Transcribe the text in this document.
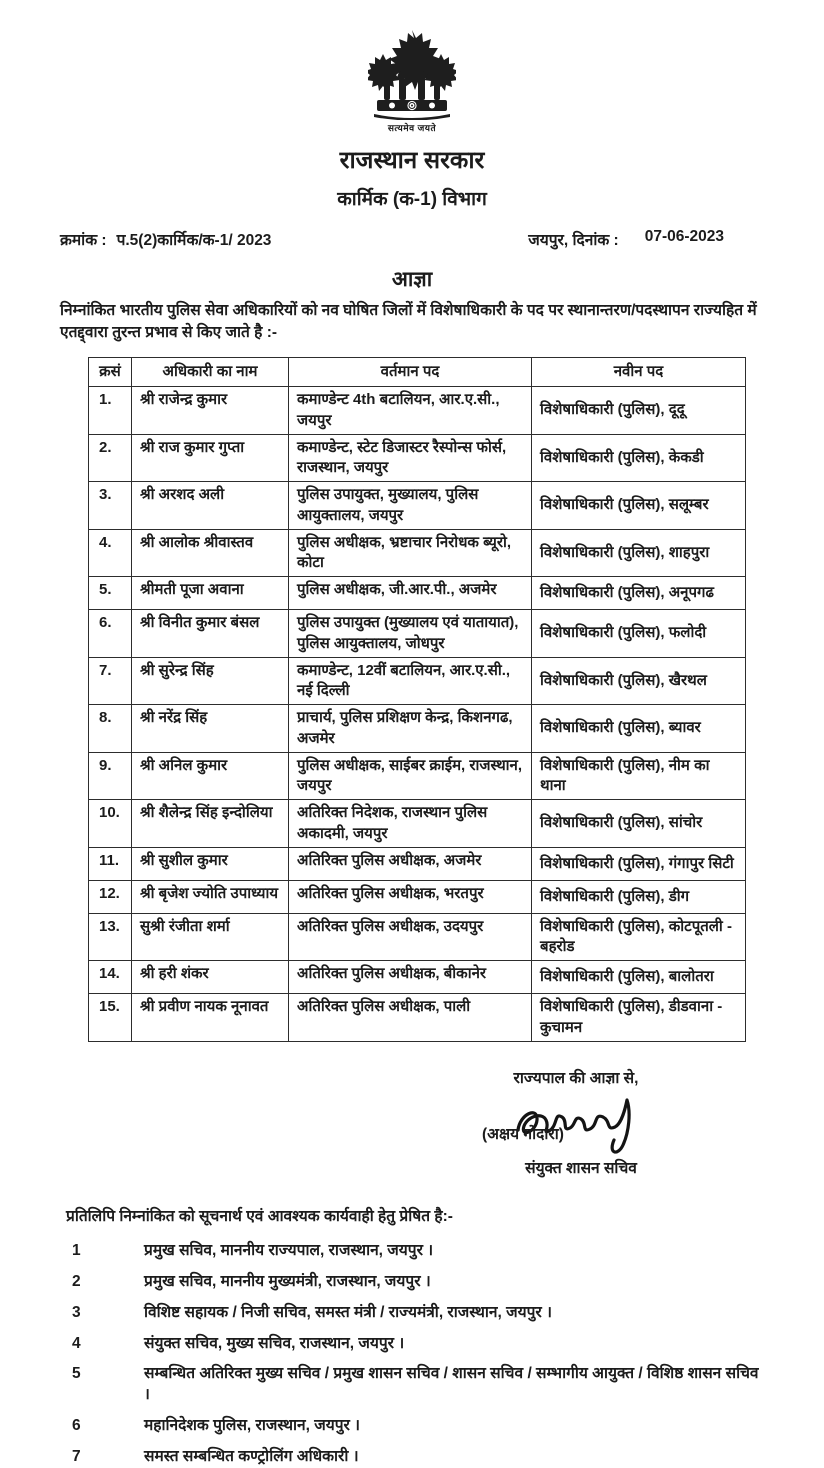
सत्यमेव जयते
राजस्थान सरकार
कार्मिक (क-1) विभाग
क्रमांक : प.5(2)कार्मिक/क-1/ 2023	जयपुर, दिनांक : 07-06-2023
आज्ञा

निम्नांकित भारतीय पुलिस सेवा अधिकारियों को नव घोषित जिलों में विशेषाधिकारी के पद पर स्थानान्तरण/पदस्थापन राज्यहित में एतद्द्वारा तुरन्त प्रभाव से किए जाते है :-

क्रसं	अधिकारी का नाम	वर्तमान पद	नवीन पद
1.	श्री राजेन्द्र कुमार	कमाण्डेन्ट 4th बटालियन, आर.ए.सी., जयपुर	विशेषाधिकारी (पुलिस), दूदू
2.	श्री राज कुमार गुप्ता	कमाण्डेन्ट, स्टेट डिजास्टर रैस्पोन्स फोर्स, राजस्थान, जयपुर	विशेषाधिकारी (पुलिस), केकडी
3.	श्री अरशद अली	पुलिस उपायुक्त, मुख्यालय, पुलिस आयुक्तालय, जयपुर	विशेषाधिकारी (पुलिस), सलूम्बर
4.	श्री आलोक श्रीवास्तव	पुलिस अधीक्षक, भ्रष्टाचार निरोधक ब्यूरो, कोटा	विशेषाधिकारी (पुलिस), शाहपुरा
5.	श्रीमती पूजा अवाना	पुलिस अधीक्षक, जी.आर.पी., अजमेर	विशेषाधिकारी (पुलिस), अनूपगढ
6.	श्री विनीत कुमार बंसल	पुलिस उपायुक्त (मुख्यालय एवं यातायात), पुलिस आयुक्तालय, जोधपुर	विशेषाधिकारी (पुलिस), फलोदी
7.	श्री सुरेन्द्र सिंह	कमाण्डेन्ट, 12वीं बटालियन, आर.ए.सी., नई दिल्ली	विशेषाधिकारी (पुलिस), खैरथल
8.	श्री नरेंद्र सिंह	प्राचार्य, पुलिस प्रशिक्षण केन्द्र, किशनगढ, अजमेर	विशेषाधिकारी (पुलिस), ब्यावर
9.	श्री अनिल कुमार	पुलिस अधीक्षक, साईबर क्राईम, राजस्थान, जयपुर	विशेषाधिकारी (पुलिस), नीम का थाना
10.	श्री शैलेन्द्र सिंह इन्दोलिया	अतिरिक्त निदेशक, राजस्थान पुलिस अकादमी, जयपुर	विशेषाधिकारी (पुलिस), सांचोर
11.	श्री सुशील कुमार	अतिरिक्त पुलिस अधीक्षक, अजमेर	विशेषाधिकारी (पुलिस), गंगापुर सिटी
12.	श्री बृजेश ज्योति उपाध्याय	अतिरिक्त पुलिस अधीक्षक, भरतपुर	विशेषाधिकारी (पुलिस), डीग
13.	सुश्री रंजीता शर्मा	अतिरिक्त पुलिस अधीक्षक, उदयपुर	विशेषाधिकारी (पुलिस), कोटपूतली - बहरोड
14.	श्री हरी शंकर	अतिरिक्त पुलिस अधीक्षक, बीकानेर	विशेषाधिकारी (पुलिस), बालोतरा
15.	श्री प्रवीण नायक नूनावत	अतिरिक्त पुलिस अधीक्षक, पाली	विशेषाधिकारी (पुलिस), डीडवाना - कुचामन
राज्यपाल की आज्ञा से,
(अक्षय गोदारा)
संयुक्त शासन सचिव
प्रतिलिपि निम्नांकित को सूचनार्थ एवं आवश्यक कार्यवाही हेतु प्रेषित है:-
1	प्रमुख सचिव, माननीय राज्यपाल, राजस्थान, जयपुर ।
2	प्रमुख सचिव, माननीय मुख्यमंत्री, राजस्थान, जयपुर ।
3	विशिष्ट सहायक / निजी सचिव, समस्त मंत्री / राज्यमंत्री, राजस्थान, जयपुर ।
4	संयुक्त सचिव, मुख्य सचिव, राजस्थान, जयपुर ।
5	सम्बन्धित अतिरिक्त मुख्य सचिव / प्रमुख शासन सचिव / शासन सचिव / सम्भागीय आयुक्त / विशिष्ठ शासन सचिव ।
6	महानिदेशक पुलिस, राजस्थान, जयपुर ।
7	समस्त सम्बन्धित कण्ट्रोलिंग अधिकारी ।
